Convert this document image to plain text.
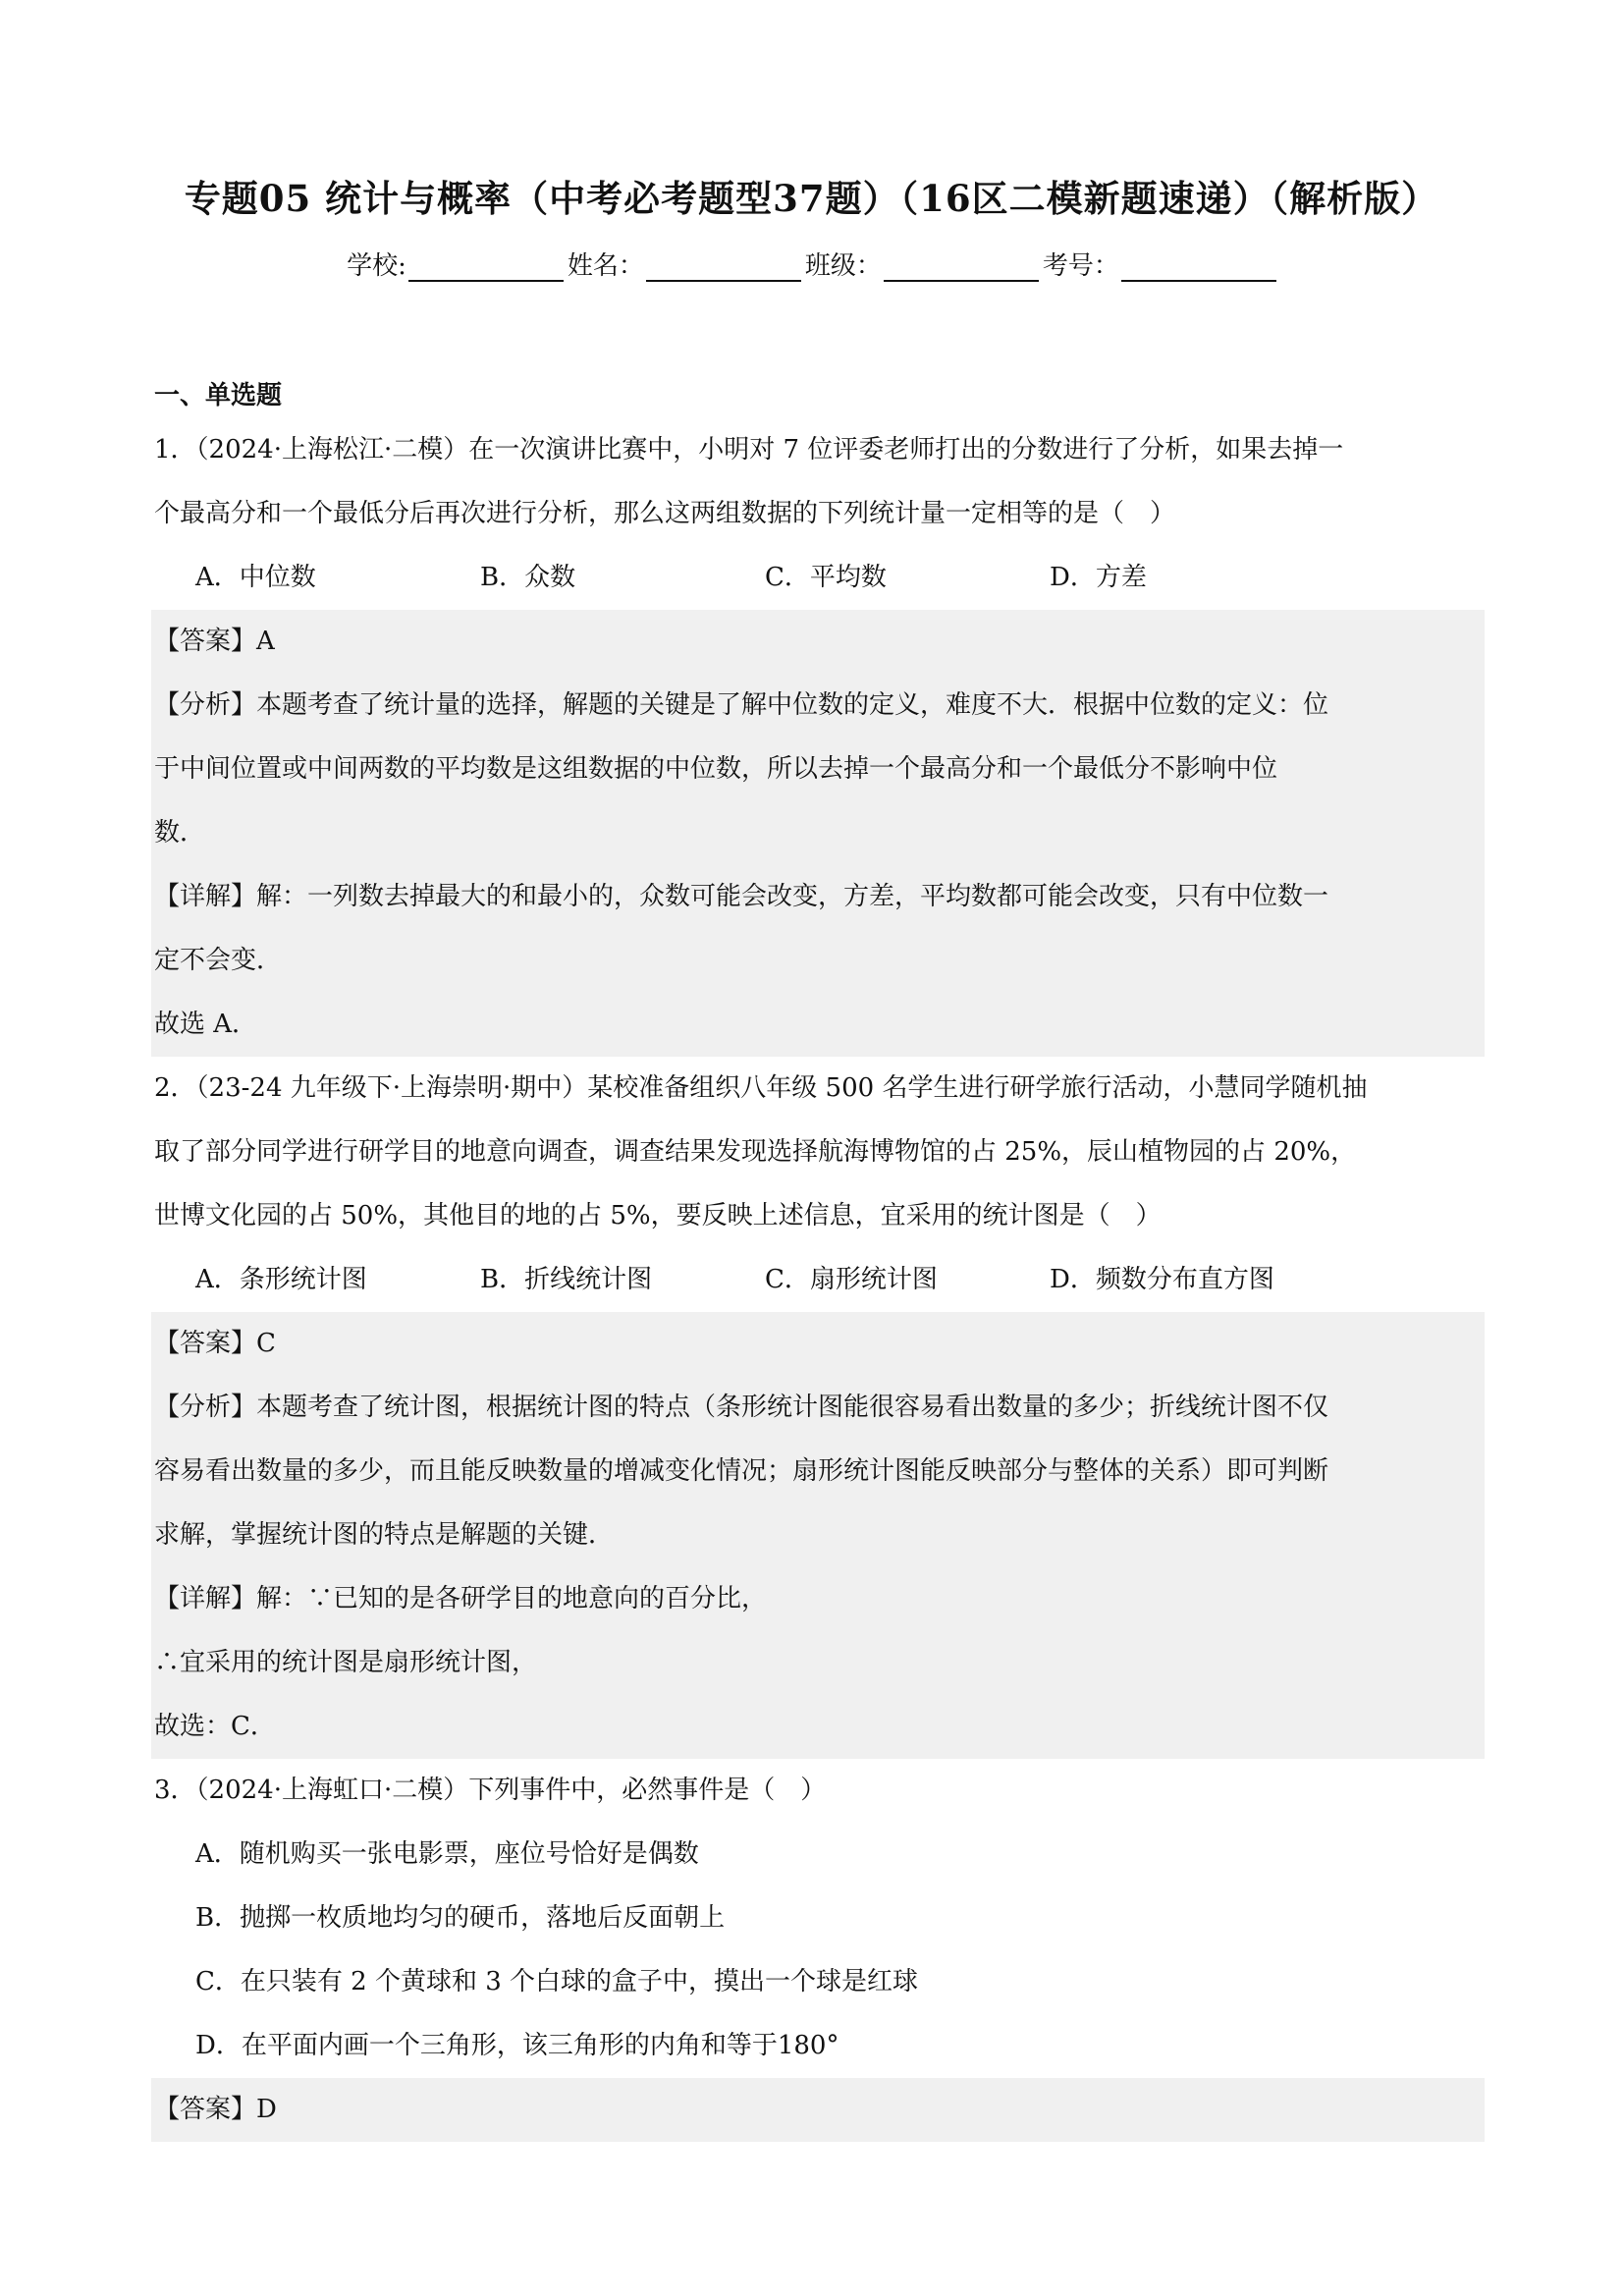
专题05 统计与概率（中考必考题型37题）（16区二模新题速递）（解析版）
学校:	姓名：	班级：	考号：
一、单选题
1．（2024·上海松江·二模）在一次演讲比赛中，小明对 7 位评委老师打出的分数进行了分析，如果去掉一
个最高分和一个最低分后再次进行分析，那么这两组数据的下列统计量一定相等的是（　）
A．中位数	B．众数	C．平均数	D．方差
【答案】A
【分析】本题考查了统计量的选择，解题的关键是了解中位数的定义，难度不大．根据中位数的定义：位
于中间位置或中间两数的平均数是这组数据的中位数，所以去掉一个最高分和一个最低分不影响中位
数．
【详解】解：一列数去掉最大的和最小的，众数可能会改变，方差，平均数都可能会改变，只有中位数一
定不会变．
故选 A．
2．（23-24 九年级下·上海崇明·期中）某校准备组织八年级 500 名学生进行研学旅行活动，小慧同学随机抽
取了部分同学进行研学目的地意向调查，调查结果发现选择航海博物馆的占 25%，辰山植物园的占 20%，
世博文化园的占 50%，其他目的地的占 5%，要反映上述信息，宜采用的统计图是（　）
A．条形统计图	B．折线统计图	C．扇形统计图	D．频数分布直方图
【答案】C
【分析】本题考查了统计图，根据统计图的特点（条形统计图能很容易看出数量的多少；折线统计图不仅
容易看出数量的多少，而且能反映数量的增减变化情况；扇形统计图能反映部分与整体的关系）即可判断
求解，掌握统计图的特点是解题的关键．
【详解】解：∵已知的是各研学目的地意向的百分比，
∴宜采用的统计图是扇形统计图，
故选：C．
3．（2024·上海虹口·二模）下列事件中，必然事件是（　）
A．随机购买一张电影票，座位号恰好是偶数
B．抛掷一枚质地均匀的硬币，落地后反面朝上
C．在只装有 2 个黄球和 3 个白球的盒子中，摸出一个球是红球
D．在平面内画一个三角形，该三角形的内角和等于180°
【答案】D
